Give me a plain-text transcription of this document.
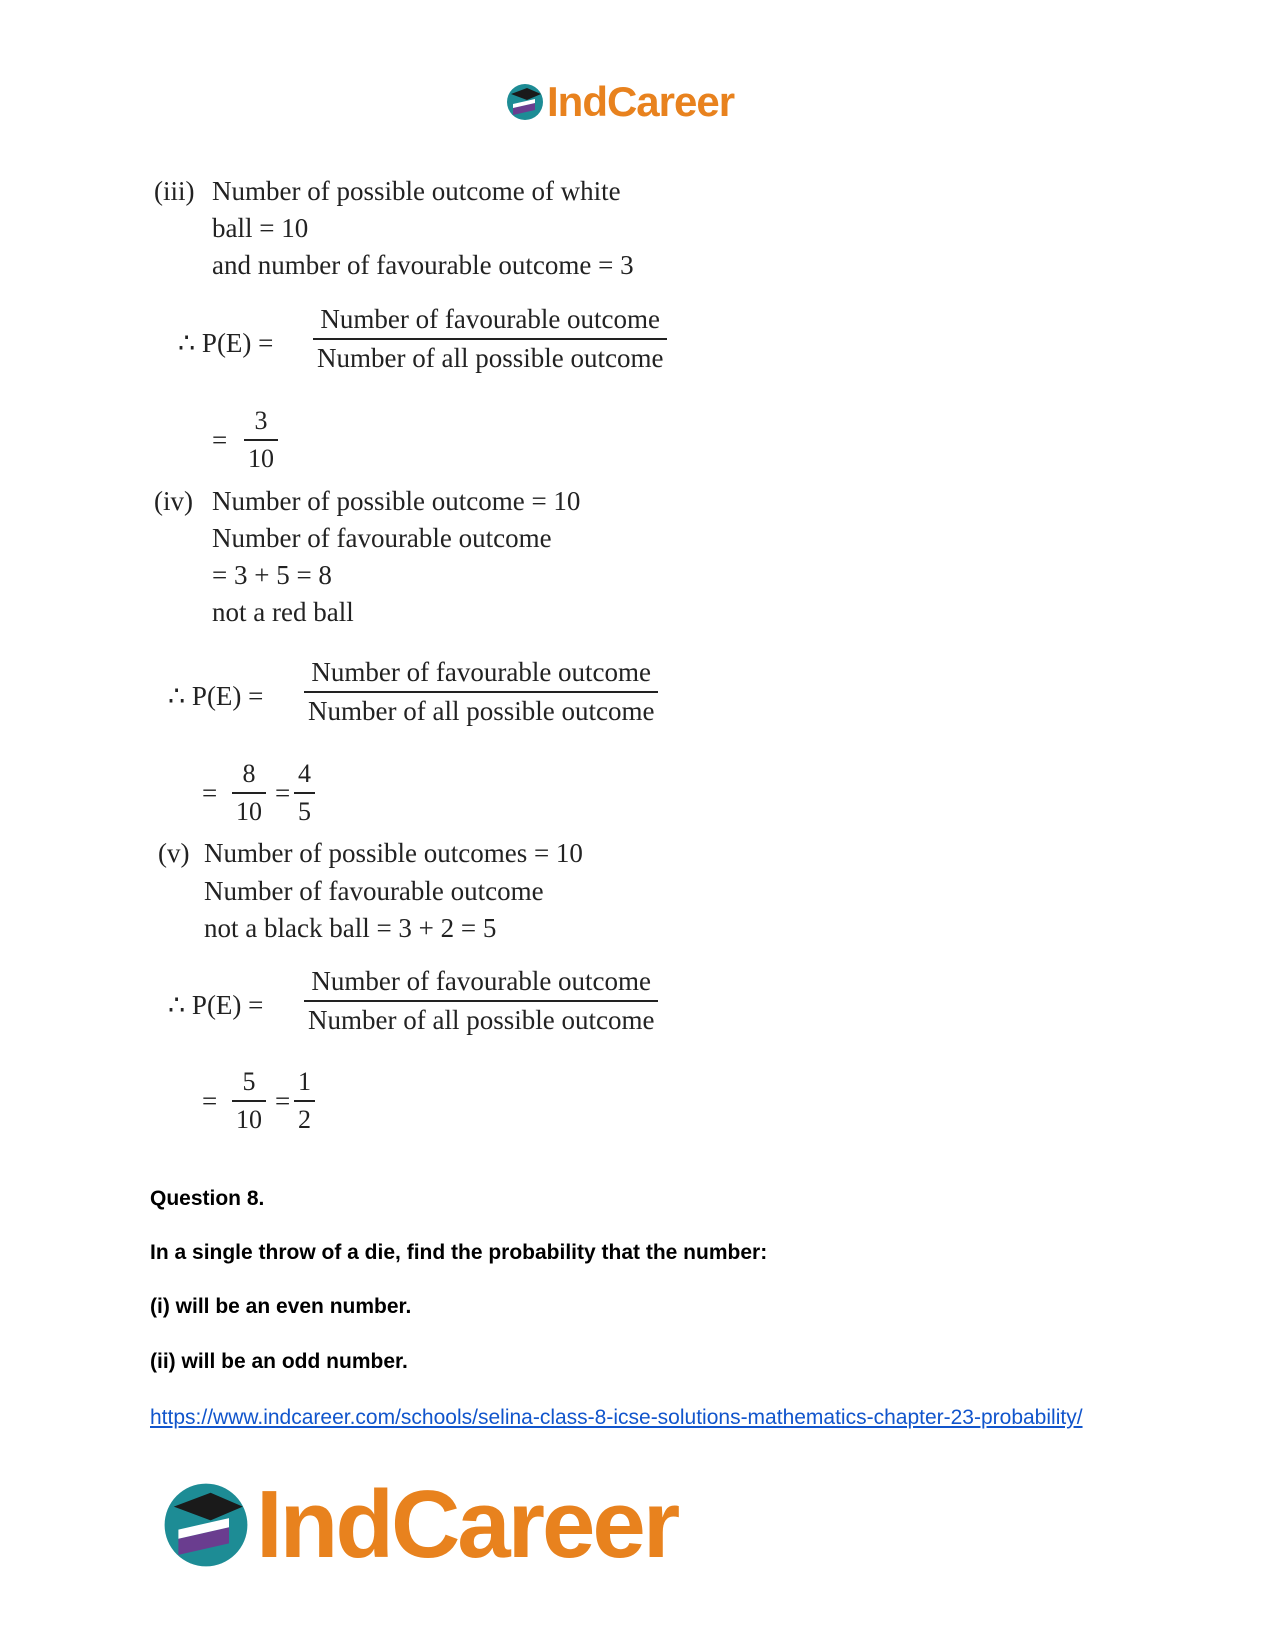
IndCareer
(iii) Number of possible outcome of white
ball = 10
and number of favourable outcome = 3
∴ P(E) =
Number of favourable outcome
Number of all possible outcome
=
3
10
(iv) Number of possible outcome = 10
Number of favourable outcome
= 3 + 5 = 8
not a red ball
∴ P(E) =
Number of favourable outcome
Number of all possible outcome
=
8
10
=
4
5
(v) Number of possible outcomes = 10
Number of favourable outcome
not a black ball = 3 + 2 = 5
∴ P(E) =
Number of favourable outcome
Number of all possible outcome
=
5
10
=
1
2
Question 8.
In a single throw of a die, find the probability that the number:
(i) will be an even number.
(ii) will be an odd number.
https://www.indcareer.com/schools/selina-class-8-icse-solutions-mathematics-chapter-23-probability/
IndCareer
